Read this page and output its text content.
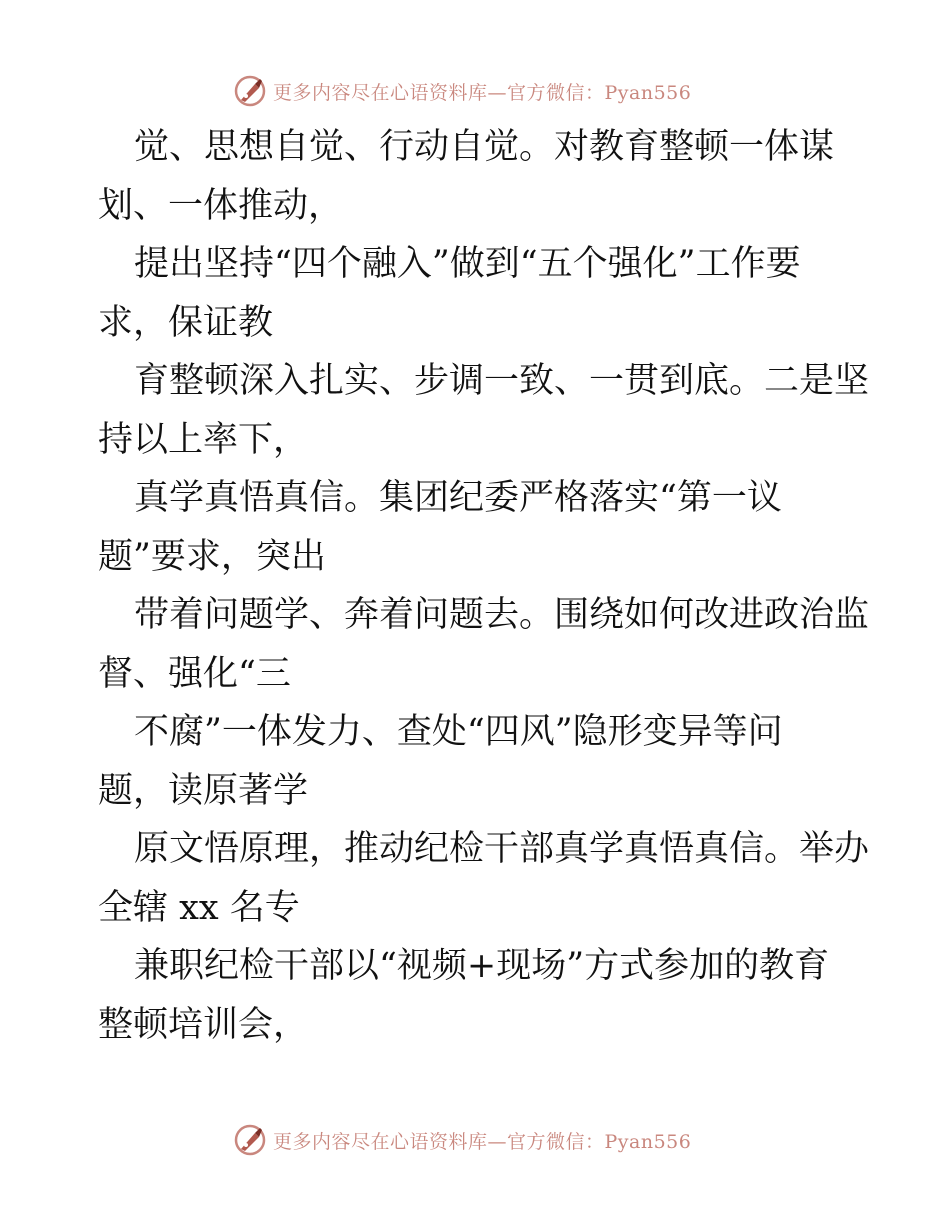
更多内容尽在心语资料库—官方微信：Pyan556
觉、思想自觉、行动自觉。对教育整顿一体谋
划、一体推动，
提出坚持“四个融入”做到“五个强化”工作要
求，保证教
育整顿深入扎实、步调一致、一贯到底。二是坚
持以上率下，
真学真悟真信。集团纪委严格落实“第一议
题”要求，突出
带着问题学、奔着问题去。围绕如何改进政治监
督、强化“三
不腐”一体发力、查处“四风”隐形变异等问
题，读原著学
原文悟原理，推动纪检干部真学真悟真信。举办
全辖 xx 名专
兼职纪检干部以“视频+现场”方式参加的教育
整顿培训会，
更多内容尽在心语资料库—官方微信：Pyan556
